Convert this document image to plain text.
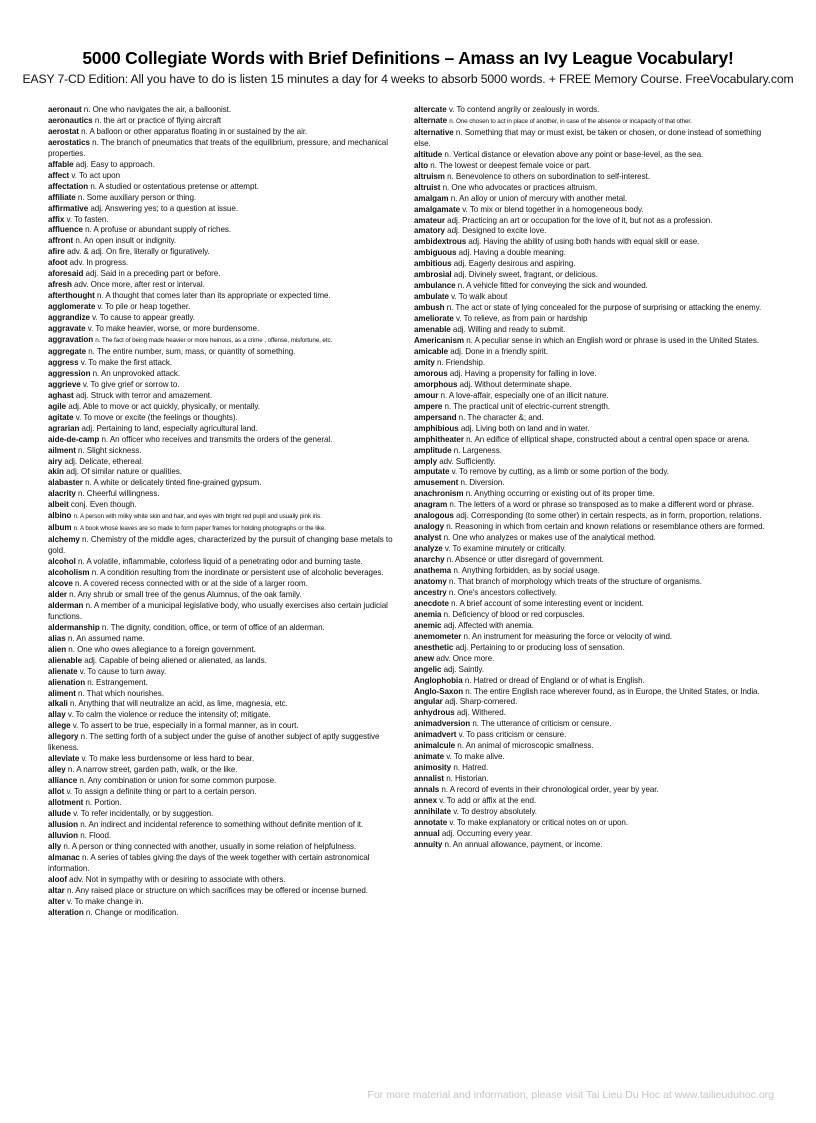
5000 Collegiate Words with Brief Definitions – Amass an Ivy League Vocabulary!
EASY 7-CD Edition: All you have to do is listen 15 minutes a day for 4 weeks to absorb 5000 words. + FREE Memory Course. FreeVocabulary.com

aeronaut n. One who navigates the air, a balloonist.

aeronautics n. the art or practice of flying aircraft

aerostat n. A balloon or other apparatus floating in or sustained by the air.

aerostatics n. The branch of pneumatics that treats of the equilibrium, pressure, and mechanical properties.

affable adj. Easy to approach.

affect v. To act upon

affectation n. A studied or ostentatious pretense or attempt.

affiliate n. Some auxiliary person or thing.

affirmative adj. Answering yes; to a question at issue.

affix v. To fasten.

affluence n. A profuse or abundant supply of riches.

affront n. An open insult or indignity.

afire adv. & adj. On fire, literally or figuratively.

afoot adv. In progress.

aforesaid adj. Said in a preceding part or before.

afresh adv. Once more, after rest or interval.

afterthought n. A thought that comes later than its appropriate or expected time.

agglomerate v. To pile or heap together.

aggrandize v. To cause to appear greatly.

aggravate v. To make heavier, worse, or more burdensome.

aggravation n. The fact of being made heavier or more heinous, as a crime , offense, misfortune, etc.

aggregate n. The entire number, sum, mass, or quantity of something.

aggress v. To make the first attack.

aggression n. An unprovoked attack.

aggrieve v. To give grief or sorrow to.

aghast adj. Struck with terror and amazement.

agile adj. Able to move or act quickly, physically, or mentally.

agitate v. To move or excite (the feelings or thoughts).

agrarian adj. Pertaining to land, especially agricultural land.

aide-de-camp n. An officer who receives and transmits the orders of the general.

ailment n. Slight sickness.

airy adj. Delicate, ethereal.

akin adj. Of similar nature or qualities.

alabaster n. A white or delicately tinted fine-grained gypsum.

alacrity n. Cheerful willingness.

albeit conj. Even though.

albino n. A person with milky white skin and hair, and eyes with bright red pupil and usually pink iris.

album n. A book whose leaves are so made to form paper frames for holding photographs or the like.

alchemy n. Chemistry of the middle ages, characterized by the pursuit of changing base metals to gold.

alcohol n. A volatile, inflammable, colorless liquid of a penetrating odor and burning taste.

alcoholism n. A condition resulting from the inordinate or persistent use of alcoholic beverages.

alcove n. A covered recess connected with or at the side of a larger room.

alder n. Any shrub or small tree of the genus Alumnus, of the oak family.

alderman n. A member of a municipal legislative body, who usually exercises also certain judicial functions.

aldermanship n. The dignity, condition, office, or term of office of an alderman.

alias n. An assumed name.

alien n. One who owes allegiance to a foreign government.

alienable adj. Capable of being aliened or alienated, as lands.

alienate v. To cause to turn away.

alienation n. Estrangement.

aliment n. That which nourishes.

alkali n. Anything that will neutralize an acid, as lime, magnesia, etc.

allay v. To calm the violence or reduce the intensity of; mitigate.

allege v. To assert to be true, especially in a formal manner, as in court.

allegory n. The setting forth of a subject under the guise of another subject of aptly suggestive likeness.

alleviate v. To make less burdensome or less hard to bear.

alley n. A narrow street, garden path, walk, or the like.

alliance n. Any combination or union for some common purpose.

allot v. To assign a definite thing or part to a certain person.

allotment n. Portion.

allude v. To refer incidentally, or by suggestion.

allusion n. An indirect and incidental reference to something without definite mention of it.

alluvion n. Flood.

ally n. A person or thing connected with another, usually in some relation of helpfulness.

almanac n. A series of tables giving the days of the week together with certain astronomical information.

aloof adv. Not in sympathy with or desiring to associate with others.

altar n. Any raised place or structure on which sacrifices may be offered or incense burned.

alter v. To make change in.

alteration n. Change or modification.

altercate v. To contend angrily or zealously in words.

alternate n. One chosen to act in place of another, in case of the absence or incapacity of that other.

alternative n. Something that may or must exist, be taken or chosen, or done instead of something else.

altitude n. Vertical distance or elevation above any point or base-level, as the sea.

alto n. The lowest or deepest female voice or part.

altruism n. Benevolence to others on subordination to self-interest.

altruist n. One who advocates or practices altruism.

amalgam n. An alloy or union of mercury with another metal.

amalgamate v. To mix or blend together in a homogeneous body.

amateur adj. Practicing an art or occupation for the love of it, but not as a profession.

amatory adj. Designed to excite love.

ambidextrous adj. Having the ability of using both hands with equal skill or ease.

ambiguous adj. Having a double meaning.

ambitious adj. Eagerly desirous and aspiring.

ambrosial adj. Divinely sweet, fragrant, or delicious.

ambulance n. A vehicle fitted for conveying the sick and wounded.

ambulate v. To walk about

ambush n. The act or state of lying concealed for the purpose of surprising or attacking the enemy.

ameliorate v. To relieve, as from pain or hardship

amenable adj. Willing and ready to submit.

Americanism n. A peculiar sense in which an English word or phrase is used in the United States.

amicable adj. Done in a friendly spirit.

amity n. Friendship.

amorous adj. Having a propensity for falling in love.

amorphous adj. Without determinate shape.

amour n. A love-affair, especially one of an illicit nature.

ampere n. The practical unit of electric-current strength.

ampersand n. The character &; and.

amphibious adj. Living both on land and in water.

amphitheater n. An edifice of elliptical shape, constructed about a central open space or arena.

amplitude n. Largeness.

amply adv. Sufficiently.

amputate v. To remove by cutting, as a limb or some portion of the body.

amusement n. Diversion.

anachronism n. Anything occurring or existing out of its proper time.

anagram n. The letters of a word or phrase so transposed as to make a different word or phrase.

analogous adj. Corresponding (to some other) in certain respects, as in form, proportion, relations.

analogy n. Reasoning in which from certain and known relations or resemblance others are formed.

analyst n. One who analyzes or makes use of the analytical method.

analyze v. To examine minutely or critically.

anarchy n. Absence or utter disregard of government.

anathema n. Anything forbidden, as by social usage.

anatomy n. That branch of morphology which treats of the structure of organisms.

ancestry n. One's ancestors collectively.

anecdote n. A brief account of some interesting event or incident.

anemia n. Deficiency of blood or red corpuscles.

anemic adj. Affected with anemia.

anemometer n. An instrument for measuring the force or velocity of wind.

anesthetic adj. Pertaining to or producing loss of sensation.

anew adv. Once more.

angelic adj. Saintly.

Anglophobia n. Hatred or dread of England or of what is English.

Anglo-Saxon n. The entire English race wherever found, as in Europe, the United States, or India.

angular adj. Sharp-cornered.

anhydrous adj. Withered.

animadversion n. The utterance of criticism or censure.

animadvert v. To pass criticism or censure.

animalcule n. An animal of microscopic smallness.

animate v. To make alive.

animosity n. Hatred.

annalist n. Historian.

annals n. A record of events in their chronological order, year by year.

annex v. To add or affix at the end.

annihilate v. To destroy absolutely.

annotate v. To make explanatory or critical notes on or upon.

annual adj. Occurring every year.

annuity n. An annual allowance, payment, or income.

For more material and information, please visit Tai Lieu Du Hoc at www.tailieuduhoc.org
